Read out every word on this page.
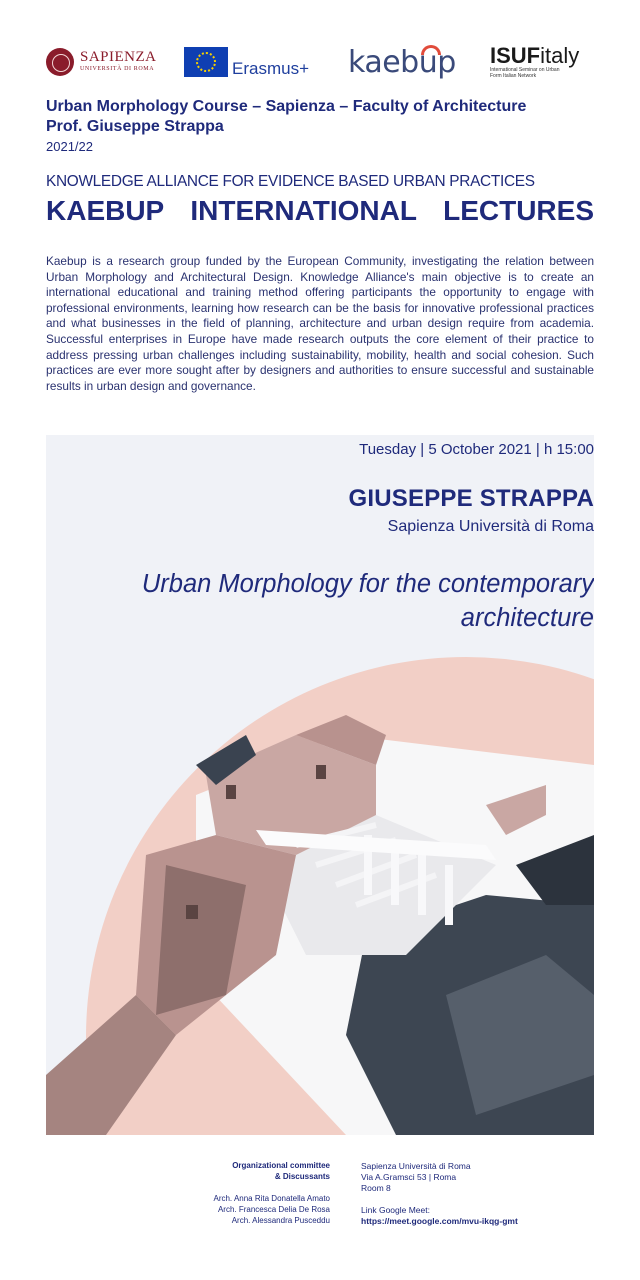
SAPIENZA
UNIVERSITÀ DI ROMA	Erasmus+ kaebup ISUFitaly
International Seminar on Urban Form Italian Network
Urban Morphology Course – Sapienza – Faculty of Architecture
Prof. Giuseppe Strappa
2021/22
KNOWLEDGE ALLIANCE FOR EVIDENCE BASED URBAN PRACTICES
KAEBUP INTERNATIONAL LECTURES

Kaebup is a research group funded by the European Community, investigating the relation between Urban Morphology and Architectural Design. Knowledge Alliance's main objective is to create an international educational and training method offering participants the opportunity to engage with professional environments, learning how research can be the basis for innovative professional practices and what businesses in the field of planning, architecture and urban design require from academia. Successful enterprises in Europe have made research outputs the core element of their practice to address pressing urban challenges including sustainability, mobility, health and social cohesion. Such practices are ever more sought after by designers and authorities to ensure successful and sustainable results in urban design and governance.

Tuesday | 5 October 2021 | h 15:00
GIUSEPPE STRAPPA
Sapienza Università di Roma
Urban Morphology for the contemporary architecture
Organizational committee
& Discussants
Arch. Anna Rita Donatella Amato
Arch. Francesca Delia De Rosa
Arch. Alessandra Pusceddu
Sapienza Università di Roma
Via A.Gramsci 53 | Roma
Room 8
Link Google Meet:
https://meet.google.com/mvu-ikqg-gmt
